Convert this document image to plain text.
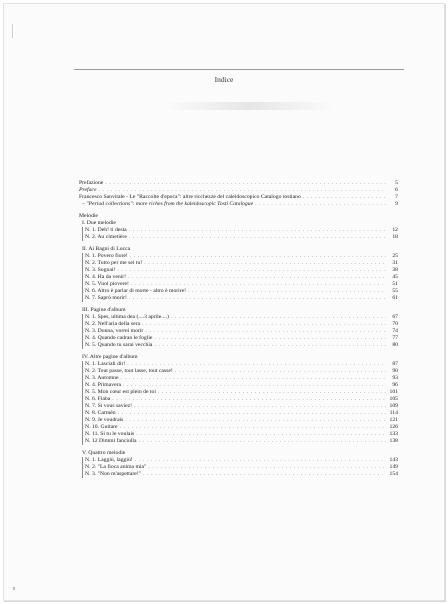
Indice
Prefazione . . .	5
Preface . . .	6
Francesco Sanvitale - Le "Raccolte d'epoca": altre ricchezze del caleidoscopico Catalogo tostiano . . .	7
– "Period collections": more riches from the kaleidoscopic Tosti Catalogue . . .	9
Melodie
I. Due melodie
N. 1. Deh! ti desta . . .	12
N. 2. Au cimetière . . .	18
II. Ai Bagni di Lucca
N. 1. Povero fiore! . . .	25
N. 2. Tutto per me sei tu! . . .	31
N. 3. Sognai! . . .	38
N. 4. Ha da venir! . . .	45
N. 5. Vuol piovere! . . .	51
N. 6. Altro è parlar di morte - altro è morire! . . .	55
N. 7. Saprò morir! . . .	61
III. Pagine d'album
N. 1. Spes, ultima dea (....3 aprile....) . . .	67
N. 2. Nell'aria della sera . . .	70
N. 3. Donna, vorrei morir . . .	74
N. 4. Quando cadran le foglie . . .	77
N. 5. Quando tu sarai vecchia . . .	80
IV. Altre pagine d'album
N. 1. Lasciali dir! . . .	87
N. 2. Tout passe, tout lasse, tout casse! . . .	90
N. 3. Automne . . .	93
N. 4. Primavera . . .	96
N. 5. Mon cœur est plein de toi . . .	101
N. 6. Fiaba . . .	105
N. 7. Si vous saviez! . . .	109
N. 8. Carmèn . . .	114
N. 9. Je voudrais . . .	121
N. 10. Guitare . . .	126
N. 11. Si tu le voulais . . .	133
N. 12 Dimmi fanciulla . . .	138
V. Quattro melodie
N. 1. Laggiù, laggiù! . . .	143
N. 2. "La fioca anima mia" . . .	149
N. 3. "Non m'aspettare!" . . .	154
